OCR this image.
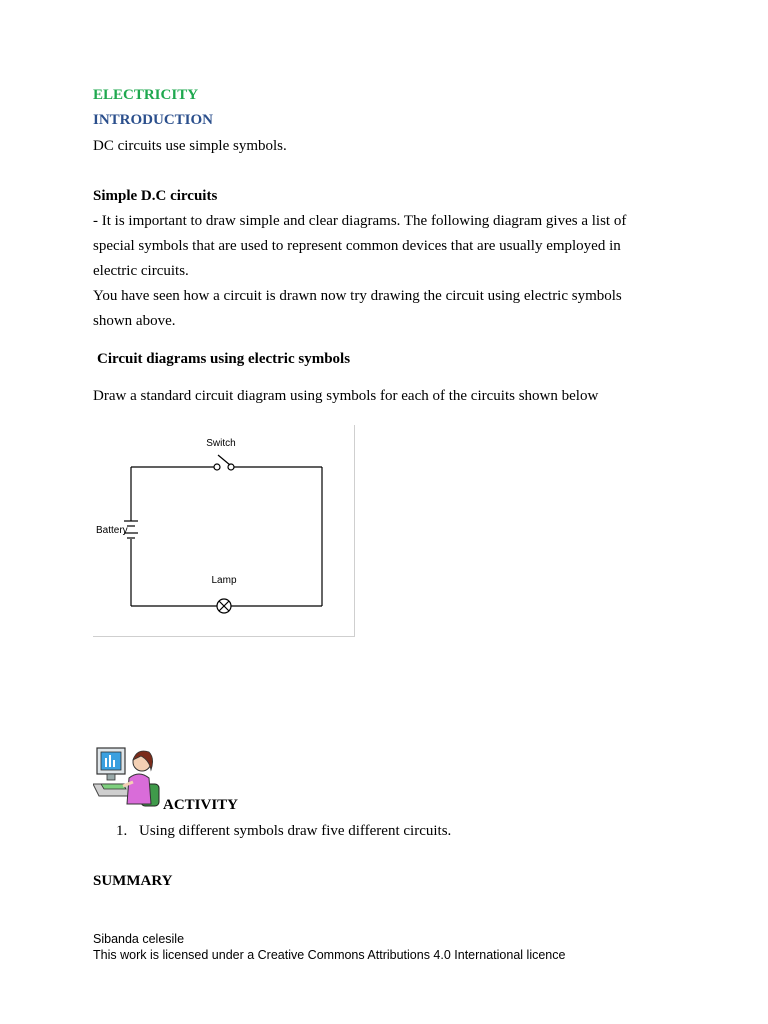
ELECTRICITY
INTRODUCTION
DC circuits use simple symbols.
Simple D.C circuits
- It is important to draw simple and clear diagrams. The following diagram gives a list of special symbols that are used to represent common devices that are usually employed in electric circuits.
You have seen how a circuit is drawn now try drawing the circuit using electric symbols shown above.
Circuit diagrams using electric symbols
Draw a standard circuit diagram using symbols for each of the circuits shown below
Switch
Battery
Lamp
ACTIVITY
1. Using different symbols draw five different circuits.
SUMMARY
Sibanda celesile
This work is licensed under a Creative Commons Attributions 4.0 International licence
